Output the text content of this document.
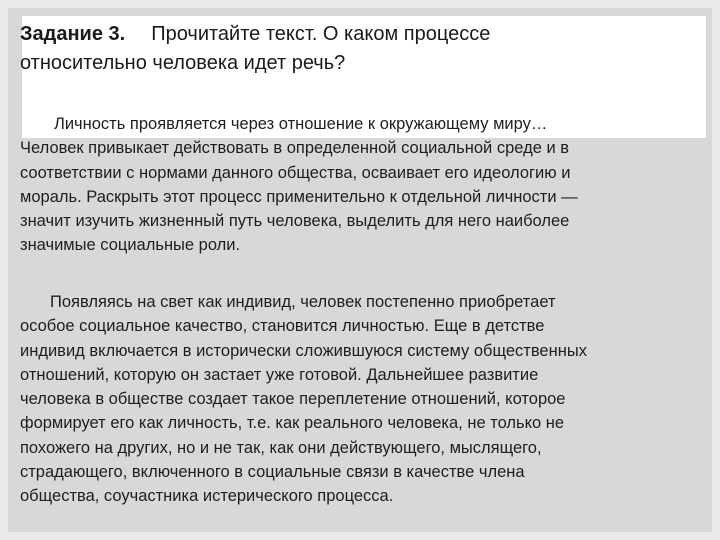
Задание 3. Прочитайте текст. О каком процессе
относительно человека идет речь?

Личность проявляется через отношение к окружающему миру…
Человек привыкает действовать в определенной социальной среде и в
соответствии с нормами данного общества, осваивает его идеологию и
мораль. Раскрыть этот процесс применительно к отдельной личности —
значит изучить жизненный путь человека, выделить для него наиболее
значимые социальные роли.

Появляясь на свет как индивид, человек постепенно приобретает
особое социальное качество, становится личностью. Еще в детстве
индивид включается в исторически сложившуюся систему общественных
отношений, которую он застает уже готовой. Дальнейшее развитие
человека в обществе создает такое переплетение отношений, которое
формирует его как личность, т.е. как реального человека, не только не
похожего на других, но и не так, как они действующего, мыслящего,
страдающего, включенного в социальные связи в качестве члена
общества, соучастника истерического процесса.
